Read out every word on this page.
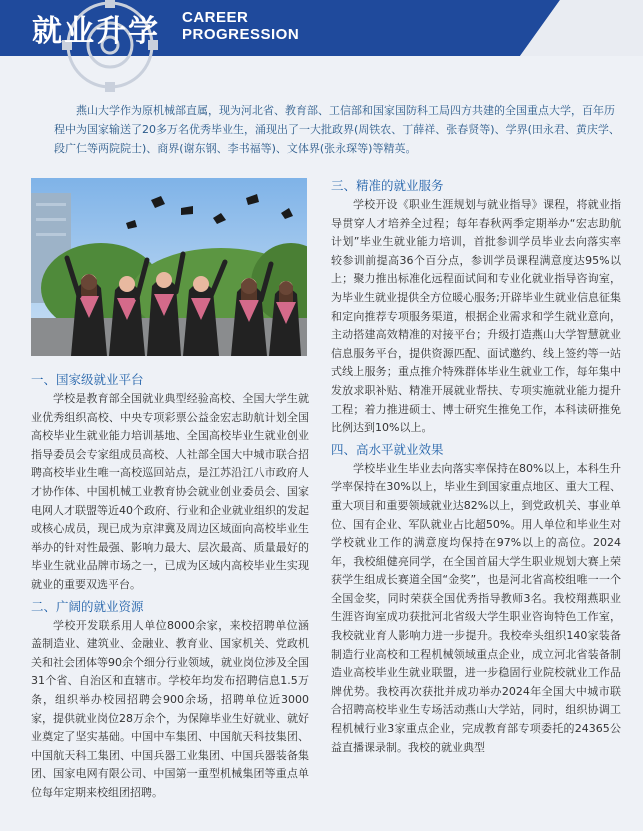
就业升学 CAREER
PROGRESSION
燕山大学作为原机械部直属，现为河北省、教育部、工信部和国家国防科工局四方共建的全国重点大学，百年历程中为国家输送了20多万名优秀毕业生，涌现出了一大批政界(周铁农、丁薛祥、张春贤等)、学界(田永君、黄庆学、段广仁等两院院士)、商界(谢东钢、李书福等)、文体界(张永琛等)等精英。
一、国家级就业平台

学校是教育部全国就业典型经验高校、全国大学生就业优秀组织高校、中央专项彩票公益金宏志助航计划全国高校毕业生就业能力培训基地、全国高校毕业生就业创业指导委员会专家组成员高校、人社部全国大中城市联合招聘高校毕业生唯一高校巡回站点，是江苏沿江八市政府人才协作体、中国机械工业教育协会就业创业委员会、国家电网人才联盟等近40个政府、行业和企业就业组织的发起或核心成员，现已成为京津冀及周边区域面向高校毕业生举办的针对性最强、影响力最大、层次最高、质量最好的毕业生就业品牌市场之一，已成为区域内高校毕业生实现就业的重要双选平台。

二、广阔的就业资源

学校开发联系用人单位8000余家，来校招聘单位涵盖制造业、建筑业、金融业、教育业、国家机关、党政机关和社会团体等90余个细分行业领域，就业岗位涉及全国31个省、自治区和直辖市。学校年均发布招聘信息1.5万条，组织举办校园招聘会900余场，招聘单位近3000家，提供就业岗位28万余个，为保障毕业生好就业、就好业奠定了坚实基础。中国中车集团、中国航天科技集团、中国航天科工集团、中国兵器工业集团、中国兵器装备集团、国家电网有限公司、中国第一重型机械集团等重点单位每年定期来校组团招聘。

三、精准的就业服务

学校开设《职业生涯规划与就业指导》课程，将就业指导贯穿人才培养全过程；每年春秋两季定期举办“宏志助航计划”毕业生就业能力培训，首批参训学员毕业去向落实率较参训前提高36个百分点，参训学员课程满意度达95%以上；聚力推出标准化远程面试间和专业化就业指导咨询室，为毕业生就业提供全方位暖心服务;开辟毕业生就业信息征集和定向推荐专项服务渠道，根据企业需求和学生就业意向，主动搭建高效精准的对接平台；升级打造燕山大学智慧就业信息服务平台，提供资源匹配、面试邀约、线上签约等一站式线上服务；重点推介特殊群体毕业生就业工作，每年集中发放求职补贴、精准开展就业帮扶、专项实施就业能力提升工程；着力推进硕士、博士研究生推免工作，本科读研推免比例达到10%以上。

四、高水平就业效果

学校毕业生毕业去向落实率保持在80%以上，本科生升学率保持在30%以上，毕业生到国家重点地区、重大工程、重大项目和重要领域就业达82%以上，到党政机关、事业单位、国有企业、军队就业占比超50%。用人单位和毕业生对学校就业工作的满意度均保持在97%以上的高位。2024年，我校組健亮同学，在全国首届大学生职业规划大赛上荣获学生组成长赛道全国“金奖”，也是河北省高校组唯一一个全国金奖，同时荣获全国优秀指导教师3名。我校翔燕职业生涯咨询室成功获批河北省级大学生职业咨询特色工作室，我校就业育人影响力进一步提升。我校牵头组织140家装备制造行业高校和工程机械领域重点企业，成立河北省装备制造业高校毕业生就业联盟，进一步稳固行业院校就业工作品牌优势。我校再次获批并成功举办2024年全国大中城市联合招聘高校毕业生专场活动燕山大学站，同时，组织协调工程机械行业3家重点企业，完成教育部专项委托的24365公益直播课录制。我校的就业典型
